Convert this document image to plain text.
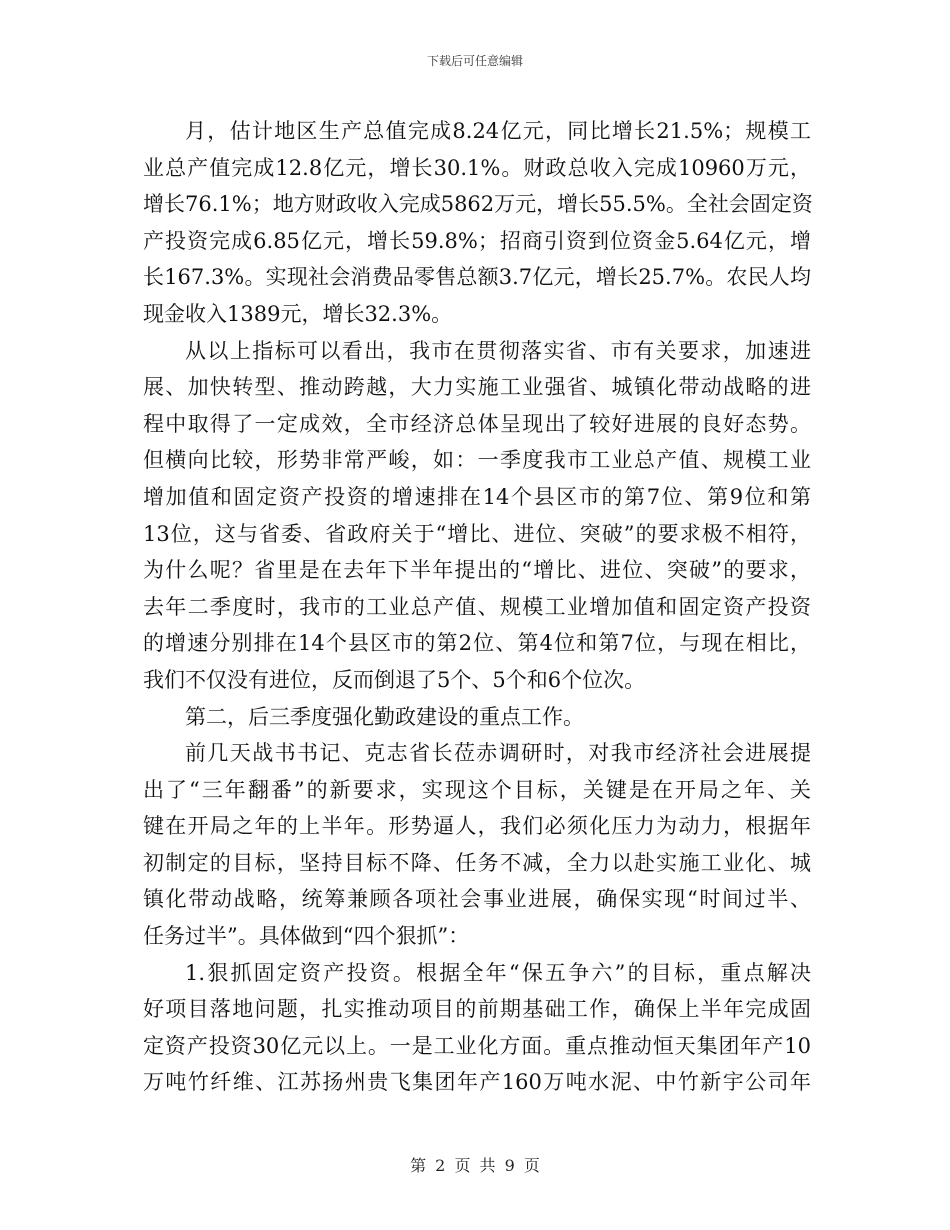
下载后可任意编辑
月，估计地区生产总值完成8.24亿元，同比增长21.5%；规模工
业总产值完成12.8亿元，增长30.1%。财政总收入完成10960万元，
增长76.1%；地方财政收入完成5862万元，增长55.5%。全社会固定资
产投资完成6.85亿元，增长59.8%；招商引资到位资金5.64亿元，增
长167.3%。实现社会消费品零售总额3.7亿元，增长25.7%。农民人均
现金收入1389元，增长32.3%。
从以上指标可以看出，我市在贯彻落实省、市有关要求，加速进
展、加快转型、推动跨越，大力实施工业强省、城镇化带动战略的进
程中取得了一定成效，全市经济总体呈现出了较好进展的良好态势。
但横向比较，形势非常严峻，如：一季度我市工业总产值、规模工业
增加值和固定资产投资的增速排在14个县区市的第7位、第9位和第
13位，这与省委、省政府关于“增比、进位、突破”的要求极不相符，
为什么呢？省里是在去年下半年提出的“增比、进位、突破”的要求，
去年二季度时，我市的工业总产值、规模工业增加值和固定资产投资
的增速分别排在14个县区市的第2位、第4位和第7位，与现在相比，
我们不仅没有进位，反而倒退了5个、5个和6个位次。
第二，后三季度强化勤政建设的重点工作。
前几天战书书记、克志省长莅赤调研时，对我市经济社会进展提
出了“三年翻番”的新要求，实现这个目标，关键是在开局之年、关
键在开局之年的上半年。形势逼人，我们必须化压力为动力，根据年
初制定的目标，坚持目标不降、任务不减，全力以赴实施工业化、城
镇化带动战略，统筹兼顾各项社会事业进展，确保实现“时间过半、
任务过半”。具体做到“四个狠抓”：
1.狠抓固定资产投资。根据全年“保五争六”的目标，重点解决
好项目落地问题，扎实推动项目的前期基础工作，确保上半年完成固
定资产投资30亿元以上。一是工业化方面。重点推动恒天集团年产10
万吨竹纤维、江苏扬州贵飞集团年产160万吨水泥、中竹新宇公司年
第 2 页 共 9 页
